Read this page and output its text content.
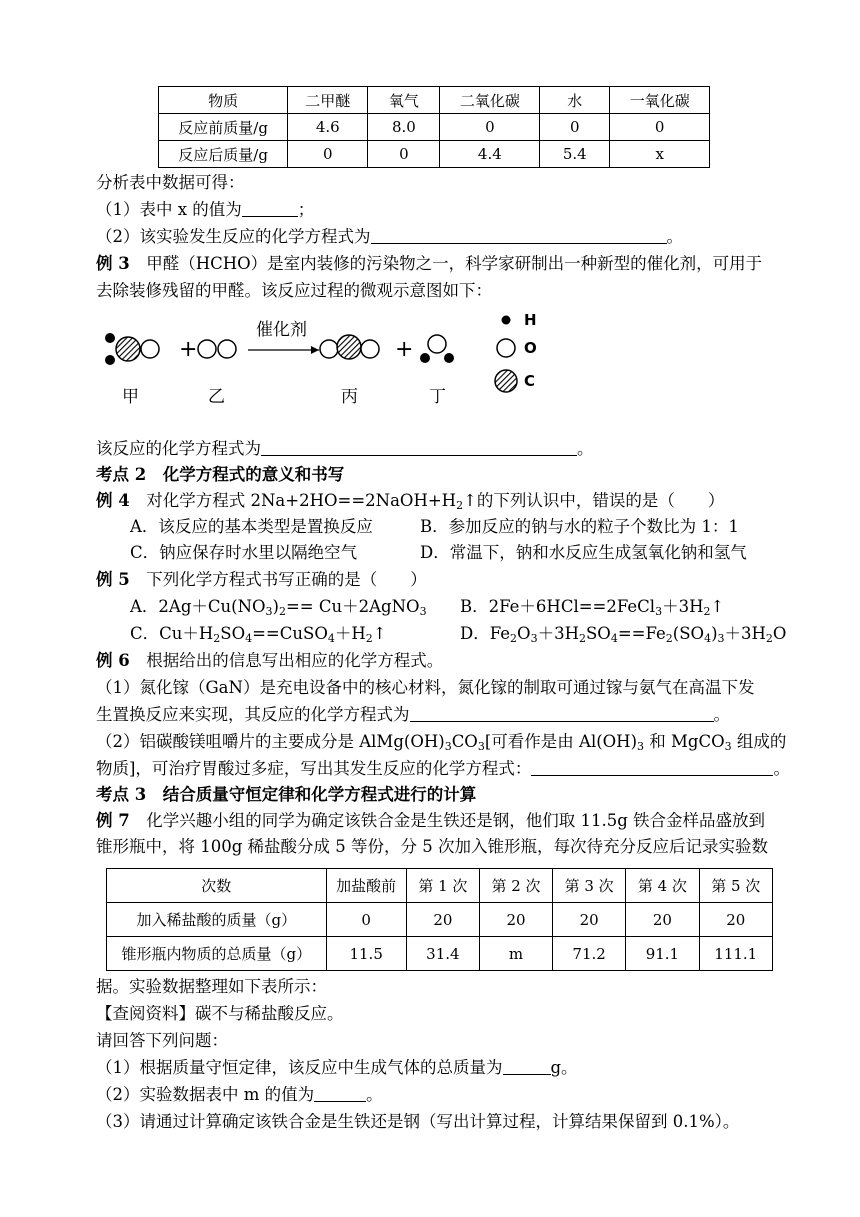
物质	二甲醚	氧气	二氧化碳	水	一氧化碳
反应前质量/g	4.6	8.0	0	0	0
反应后质量/g	0	0	4.4	5.4	x
分析表中数据可得：
（1）表中 x 的值为	；
（2）该实验发生反应的化学方程式为	。
例 3　 甲醛（HCHO）是室内装修的污染物之一，科学家研制出一种新型的催化剂，可用于
去除装修残留的甲醛。该反应过程的微观示意图如下：
+
催化剂
+
H
O
C
甲	乙	丙	丁
该反应的化学方程式为	。
考点 2　化学方程式的意义和书写
例 4　 对化学方程式 $2Na+2HO==2NaOH+H_2↑$的下列认识中，错误的是（　　）
A．该反应的基本类型是置换反应	B．参加反应的钠与水的粒子个数比为 1：1
C．钠应保存时水里以隔绝空气	D．常温下，钠和水反应生成氢氧化钠和氢气
例 5　 下列化学方程式书写正确的是（　　）
A．$2Ag+Cu(NO_3)_2==$ Cu＋2AgNO$_3$ B．$2Fe+6HCl==2FeCl_3+3H_2↑$
C．$Cu+H_2SO_4==CuSO_4+H_2↑$	D．$Fe_2O_3+3H_2SO_4==Fe_2(SO_4)_3+3H_2O$
例 6　 根据给出的信息写出相应的化学方程式。
（1）氮化镓（GaN）是充电设备中的核心材料，氮化镓的制取可通过镓与氨气在高温下发
生置换反应来实现，其反应的化学方程式为	。
（2）铝碳酸镁咀嚼片的主要成分是 $AlMg(OH)_3CO_3$[可看作是由 $Al(OH)_3$ 和 MgCO$_3$ 组成的
物质]，可治疗胃酸过多症，写出其发生反应的化学方程式：	。
考点 3　结合质量守恒定律和化学方程式进行的计算
例 7　 化学兴趣小组的同学为确定该铁合金是生铁还是钢，他们取 11.5g 铁合金样品盛放到
锥形瓶中，将 100g 稀盐酸分成 5 等份，分 5 次加入锥形瓶，每次待充分反应后记录实验数
次数	加盐酸前	第 1 次	第 2 次	第 3 次	第 4 次	第 5 次
加入稀盐酸的质量（g）	0	20	20	20	20	20
锥形瓶内物质的总质量（g）	11.5	31.4	m	71.2	91.1	111.1
据。实验数据整理如下表所示：
【查阅资料】碳不与稀盐酸反应。
请回答下列问题：
（1）根据质量守恒定律，该反应中生成气体的总质量为	g。
（2）实验数据表中 m 的值为	。
（3）请通过计算确定该铁合金是生铁还是钢（写出计算过程，计算结果保留到 0.1%）。
